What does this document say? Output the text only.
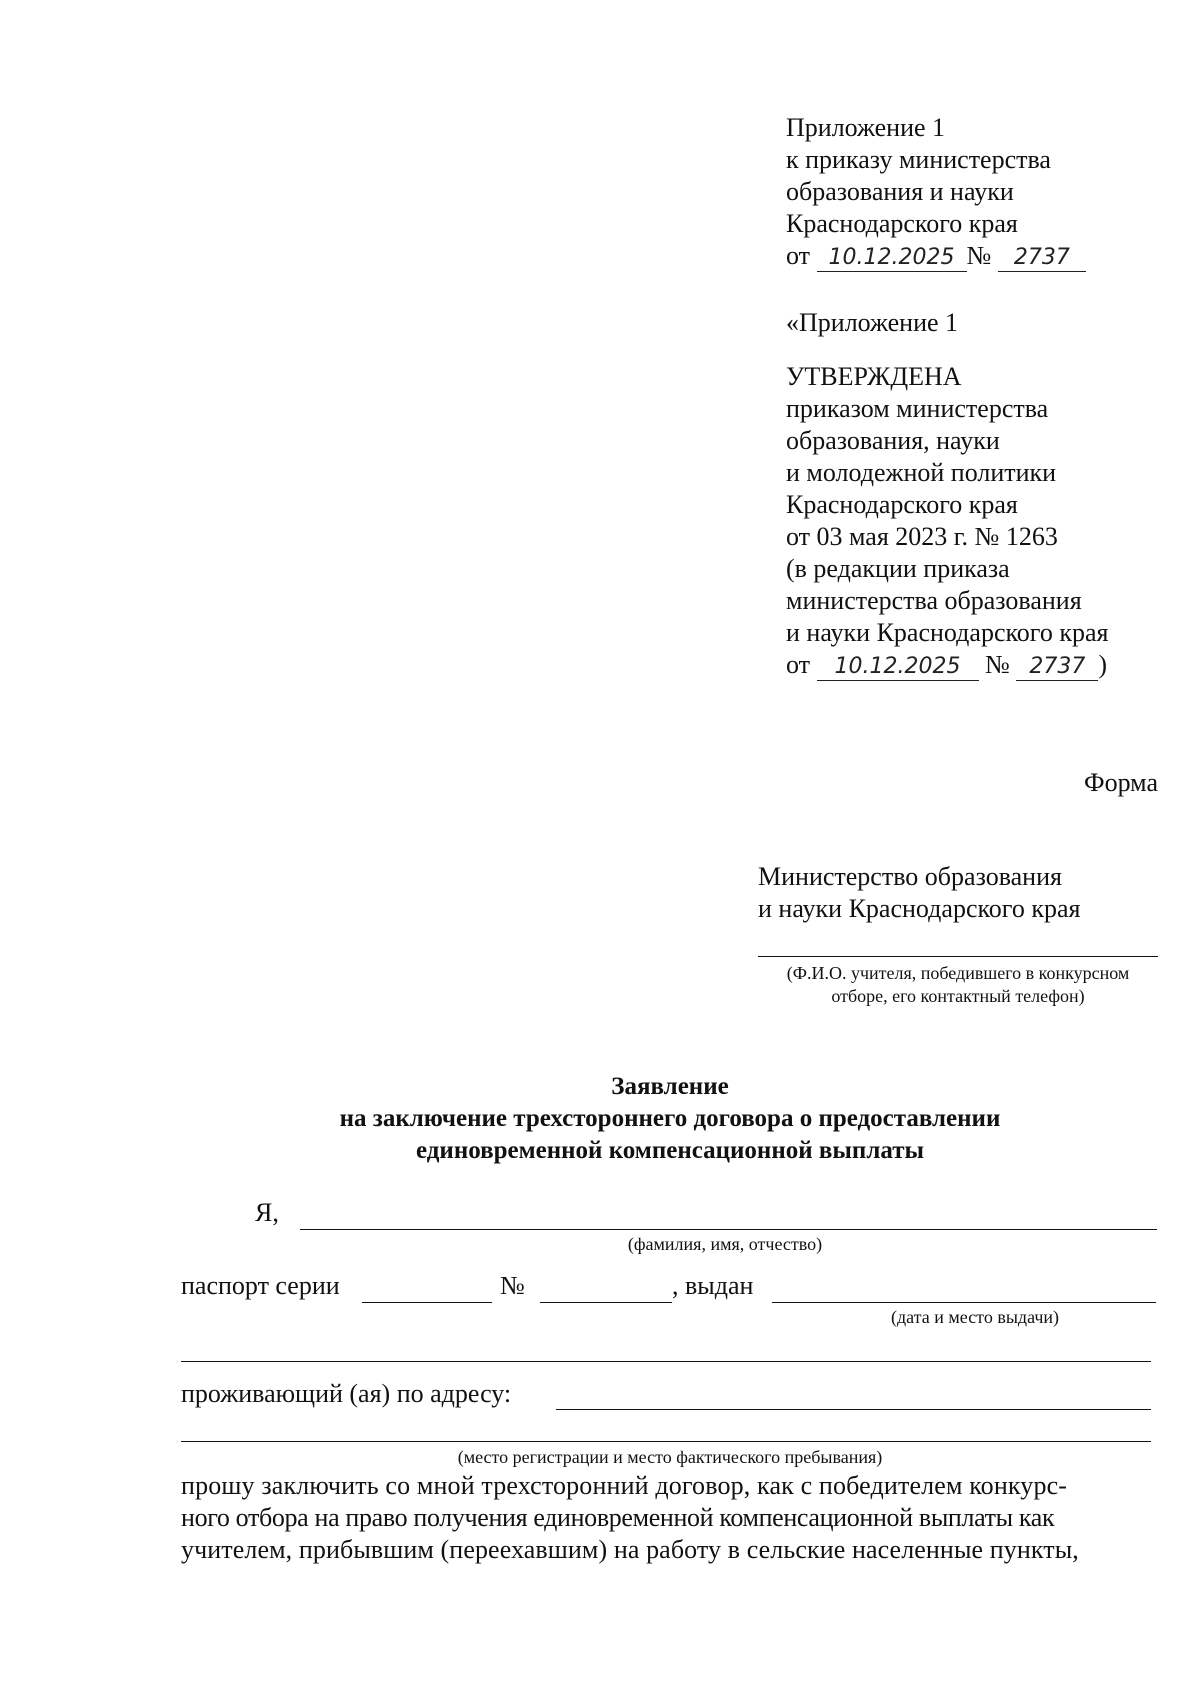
Приложение 1
к приказу министерства
образования и науки
Краснодарского края
от 10.12.2025 № 2737
«Приложение 1
УТВЕРЖДЕНА
приказом министерства
образования, науки
и молодежной политики
Краснодарского края
от 03 мая 2023 г. № 1263
(в редакции приказа
министерства образования
и науки Краснодарского края
от 10.12.2025 № 2737 )
Форма
Министерство образования
и науки Краснодарского края
(Ф.И.О. учителя, победившего в конкурсном отборе, его контактный телефон)
Заявление
на заключение трехстороннего договора о предоставлении
единовременной компенсационной выплаты
Я,
(фамилия, имя, отчество)
паспорт серии	№	, выдан
(дата и место выдачи)
проживающий (ая) по адресу:
(место регистрации и место фактического пребывания)
прошу заключить со мной трехсторонний договор, как с победителем конкурс-
ного отбора на право получения единовременной компенсационной выплаты как
учителем, прибывшим (переехавшим) на работу в сельские населенные пункты,
